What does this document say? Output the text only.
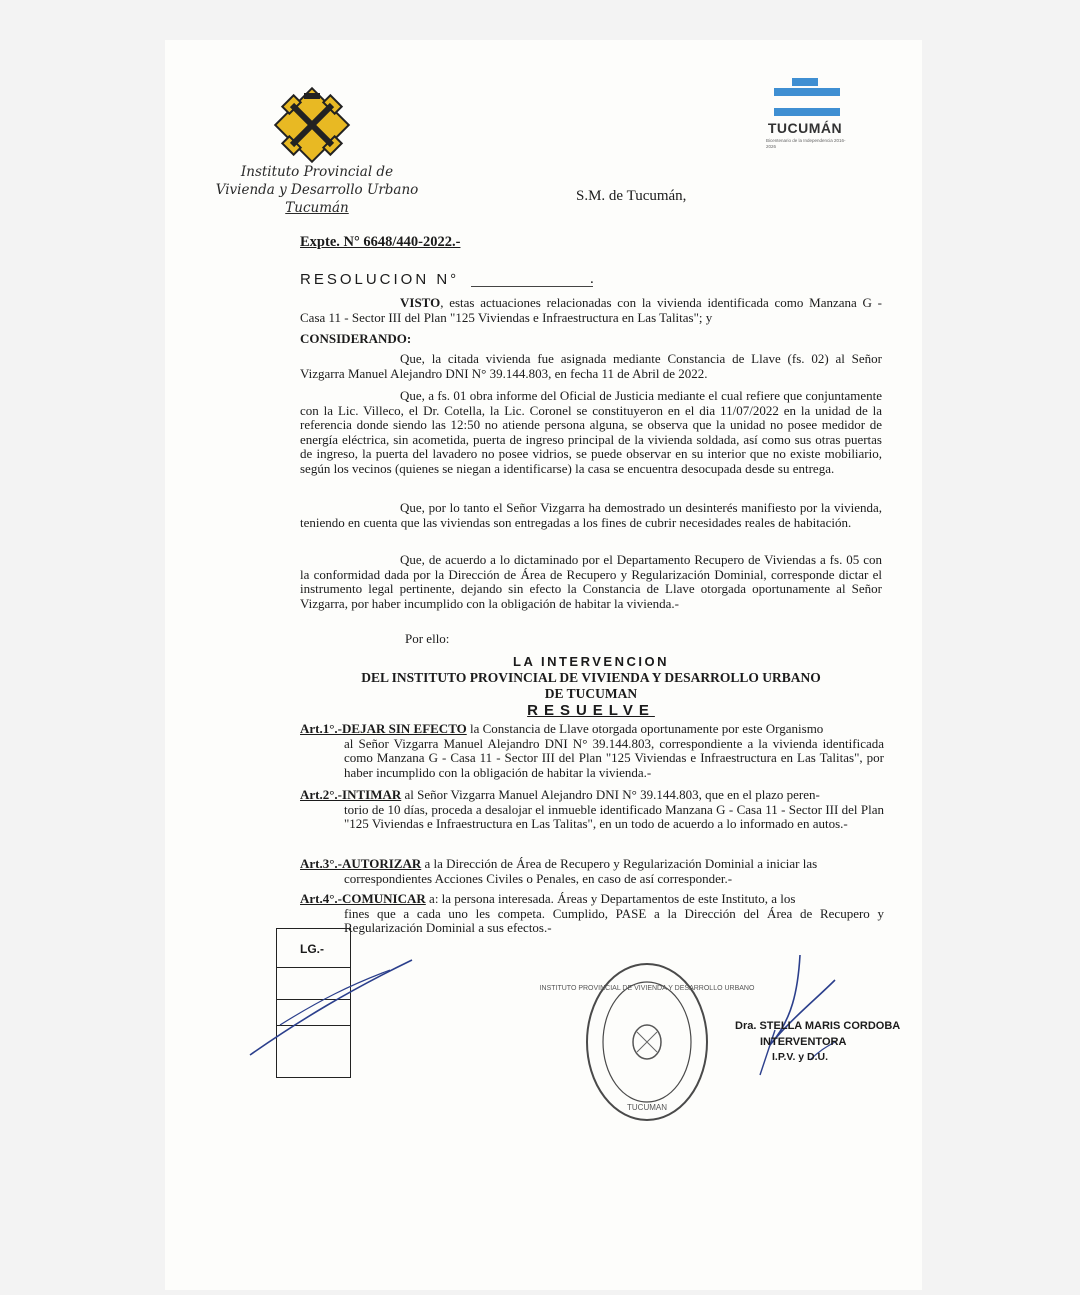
Instituto Provincial de
Vivienda y Desarrollo Urbano
Tucumán
TUCUMÁN
Bicentenario de la Independencia 2016-2026
S.M. de Tucumán,
Expte. N° 6648/440-2022.-
RESOLUCION N°	.
VISTO, estas actuaciones relacionadas con la vivienda identificada como Manzana G - Casa 11 - Sector III del Plan "125 Viviendas e Infraestructura en Las Talitas"; y
CONSIDERANDO:
Que, la citada vivienda fue asignada mediante Constancia de Llave (fs. 02) al Señor Vizgarra Manuel Alejandro DNI N° 39.144.803, en fecha 11 de Abril de 2022.
Que, a fs. 01 obra informe del Oficial de Justicia mediante el cual refiere que conjuntamente con la Lic. Villeco, el Dr. Cotella, la Lic. Coronel se constituyeron en el dia 11/07/2022 en la unidad de la referencia donde siendo las 12:50 no atiende persona alguna, se observa que la unidad no posee medidor de energía eléctrica, sin acometida, puerta de ingreso principal de la vivienda soldada, así como sus otras puertas de ingreso, la puerta del lavadero no posee vidrios, se puede observar en su interior que no existe mobiliario, según los vecinos (quienes se niegan a identificarse) la casa se encuentra desocupada desde su entrega.
Que, por lo tanto el Señor Vizgarra ha demostrado un desinterés manifiesto por la vivienda, teniendo en cuenta que las viviendas son entregadas a los fines de cubrir necesidades reales de habitación.
Que, de acuerdo a lo dictaminado por el Departamento Recupero de Viviendas a fs. 05 con la conformidad dada por la Dirección de Área de Recupero y Regularización Dominial, corresponde dictar el instrumento legal pertinente, dejando sin efecto la Constancia de Llave otorgada oportunamente al Señor Vizgarra, por haber incumplido con la obligación de habitar la vivienda.-
Por ello:
LA INTERVENCION
DEL INSTITUTO PROVINCIAL DE VIVIENDA Y DESARROLLO URBANO
DE TUCUMAN
RESUELVE
Art.1°.-DEJAR SIN EFECTO la Constancia de Llave otorgada oportunamente por este Organismo
al Señor Vizgarra Manuel Alejandro DNI N° 39.144.803, correspondiente a la vivienda identificada como Manzana G - Casa 11 - Sector III del Plan "125 Viviendas e Infraestructura en Las Talitas", por haber incumplido con la obligación de habitar la vivienda.-
Art.2°.-INTIMAR al Señor Vizgarra Manuel Alejandro DNI N° 39.144.803, que en el plazo peren-
torio de 10 días, proceda a desalojar el inmueble identificado Manzana G - Casa 11 - Sector III del Plan "125 Viviendas e Infraestructura en Las Talitas", en un todo de acuerdo a lo informado en autos.-
Art.3°.-AUTORIZAR a la Dirección de Área de Recupero y Regularización Dominial a iniciar las
correspondientes Acciones Civiles o Penales, en caso de así corresponder.-
Art.4°.-COMUNICAR a: la persona interesada. Áreas y Departamentos de este Instituto, a los
fines que a cada uno les competa. Cumplido, PASE a la Dirección del Área de Recupero y Regularización Dominial a sus efectos.-
LG.-
INSTITUTO PROVINCIAL DE VIVIENDA Y DESARROLLO URBANO
TUCUMAN
Dra. STELLA MARIS CORDOBA
INTERVENTORA
I.P.V. y D.U.
